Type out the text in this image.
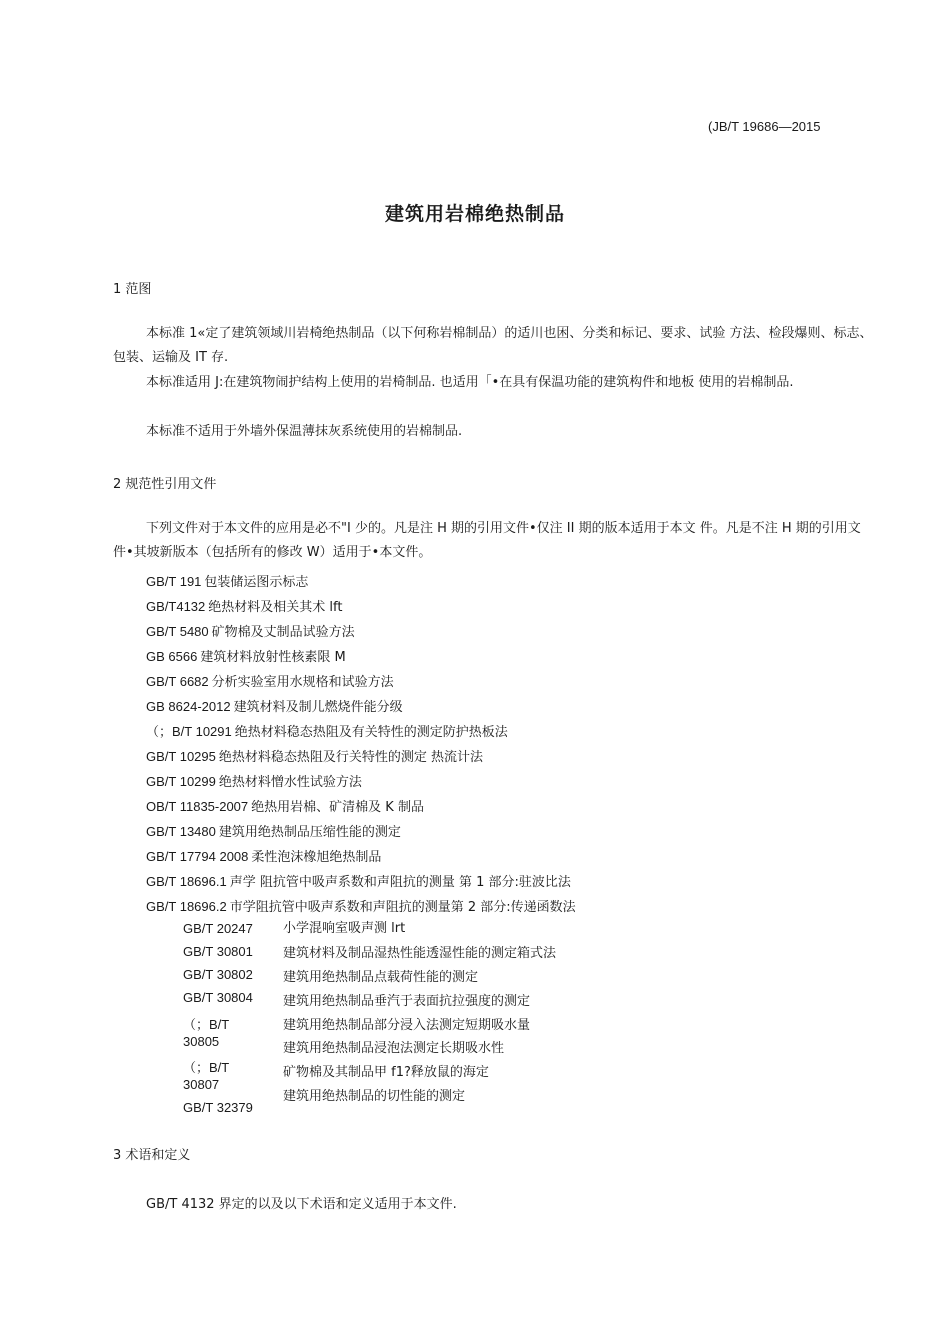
(JB/T 19686—2015
建筑用岩棉绝热制品
1 范图

本标准 1«定了建筑领域川岩椅绝热制品（以下何称岩棉制品）的适川也困、分类和标记、要求、试验 方法、检段爆则、标志、包装、运输及 IT 存.

本标准适用 J:在建筑物闹护结构上使用的岩椅制品. 也适用「•在具有保温功能的建筑构件和地板 使用的岩棉制品.

本标准不适用于外墙外保温薄抹灰系统使用的岩棉制品.

2 规范性引用文件

下列文件对于本文件的应用是必不"I 少的。凡是注 H 期的引用文件•仅注 II 期的版本适用于本文 件。凡是不注 H 期的引用文件•其坡新版本（包括所有的修改 W）适用于•本文件。

GB/T 191 包装储运图示标志
GB/T4132 绝热材料及相关其术 lft
GB/T 5480 矿物棉及丈制品试验方法
GB 6566 建筑材料放射性核素限 M
GB/T 6682 分析实验室用水规格和试验方法
GB 8624-2012 建筑材料及制儿燃烧件能分级
（；B/T 10291 绝热材料稳态热阻及有关特性的测定防护热板法
GB/T 10295 绝热材料稳态热阻及行关特性的测定 热流计法
GB/T 10299 绝热材料憎水性试验方法
OB/T 11835-2007 绝热用岩棉、矿清棉及 K 制品
GB/T 13480 建筑用绝热制品压缩性能的测定
GB/T 17794 2008 柔性泡沫橡旭绝热制品
GB/T 18696.1 声学 阻抗管中吸声系数和声阻抗的测量 第 1 部分:驻波比法
GB/T 18696.2 市学阻抗管中吸声系数和声阻抗的测量第 2 部分:传递函数法
GB/T 20247
GB/T 30801
GB/T 30802
GB/T 30804
（；B/T
30805
（；B/T
30807
GB/T 32379
小学混响室吸声测 lrt
建筑材料及制品湿热性能透湿性能的测定箱式法
建筑用绝热制品点载荷性能的测定
建筑用绝热制品垂汽于表面抗拉强度的测定
建筑用绝热制品部分浸入法测定短期吸水量
建筑用绝热制品浸泡法测定长期吸水性
矿物棉及其制品甲 f1?释放鼠的海定
建筑用绝热制品的切性能的测定
3 术语和定义
GB/T 4132 界定的以及以下术语和定义适用于本文件.
